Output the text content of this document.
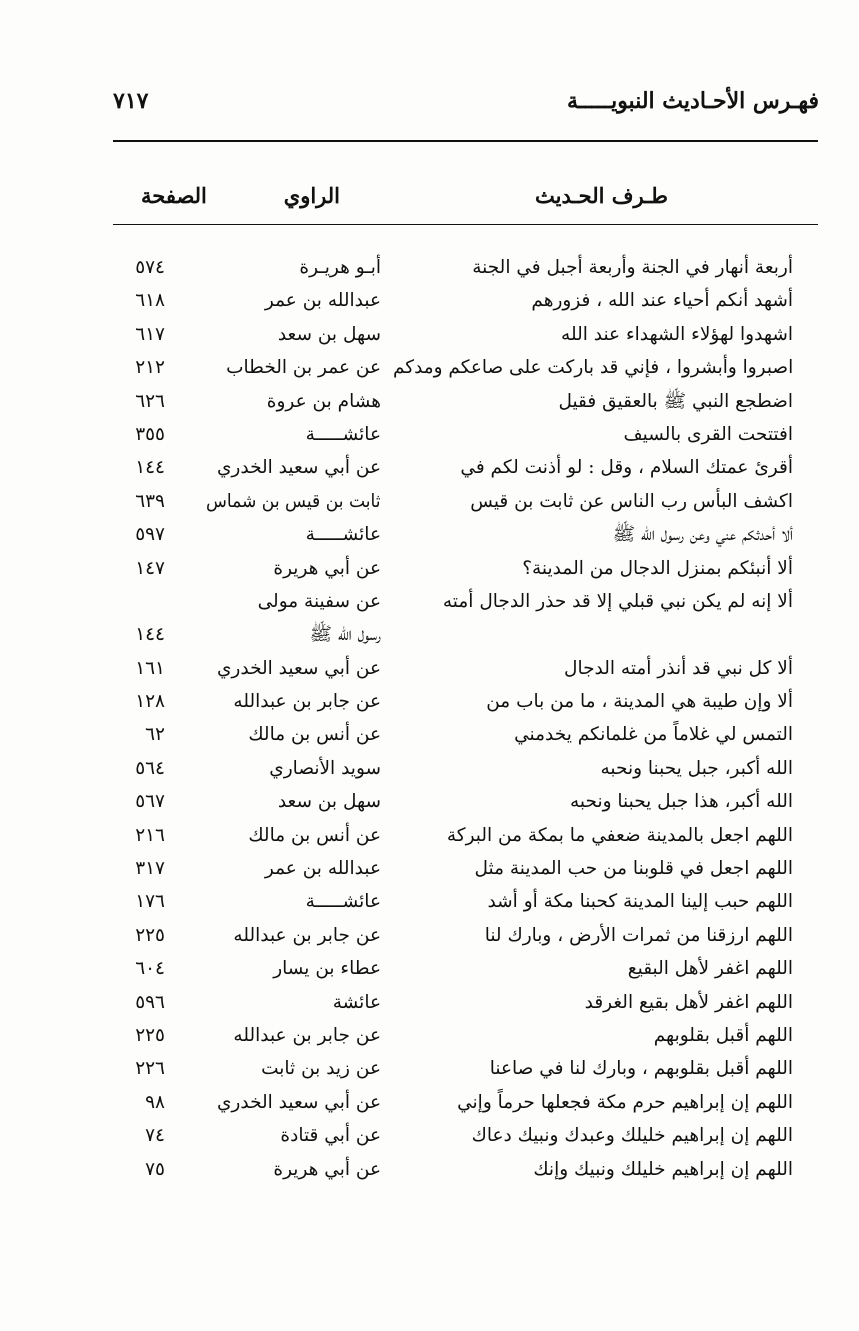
فهـرس الأحـاديث النبويـــــة
٧١٧
طـرف الحـديث
الراوي
الصفحة
أربعة أنهار في الجنة وأربعة أجبل في الجنة
أبـو هريـرة
٥٧٤
أشهد أنكم أحياء عند الله ، فزورهم
عبدالله بن عمر
٦١٨
اشهدوا لهؤلاء الشهداء عند الله
سهل بن سعد
٦١٧
اصبروا وأبشروا ، فإني قد باركت على صاعكم ومدكم
عن عمر بن الخطاب
٢١٢
اضطجع النبي ﷺ بالعقيق فقيل
هشام بن عروة
٦٢٦
افتتحت القرى بالسيف
عائشـــــة
٣٥٥
أقرئ عمتك السلام ، وقل : لو أذنت لكم في
عن أبي سعيد الخدري
١٤٤
اكشف البأس رب الناس عن ثابت بن قيس
ثابت بن قيس بن شماس
٦٣٩
ألا أحدثكم عني وعن رسول الله ﷺ
عائشـــــة
٥٩٧
ألا أنبئكم بمنزل الدجال من المدينة؟
عن أبي هريرة
١٤٧
ألا إنه لم يكن نبي قبلي إلا قد حذر الدجال أمته
عن سفينة مولى
رسول الله ﷺ
١٤٤
ألا كل نبي قد أنذر أمته الدجال
عن أبي سعيد الخدري
١٦١
ألا وإن طيبة هي المدينة ، ما من باب من
عن جابر بن عبدالله
١٢٨
التمس لي غلاماً من غلمانكم يخدمني
عن أنس بن مالك
٦٢
الله أكبر، جبل يحبنا ونحبه
سويد الأنصاري
٥٦٤
الله أكبر، هذا جبل يحبنا ونحبه
سهل بن سعد
٥٦٧
اللهم اجعل بالمدينة ضعفي ما بمكة من البركة
عن أنس بن مالك
٢١٦
اللهم اجعل في قلوبنا من حب المدينة مثل
عبدالله بن عمر
٣١٧
اللهم حبب إلينا المدينة كحبنا مكة أو أشد
عائشـــــة
١٧٦
اللهم ارزقنا من ثمرات الأرض ، وبارك لنا
عن جابر بن عبدالله
٢٢٥
اللهم اغفر لأهل البقيع
عطاء بن يسار
٦٠٤
اللهم اغفر لأهل بقيع الغرقد
عائشة
٥٩٦
اللهم أقبل بقلوبهم
عن جابر بن عبدالله
٢٢٥
اللهم أقبل بقلوبهم ، وبارك لنا في صاعنا
عن زيد بن ثابت
٢٢٦
اللهم إن إبراهيم حرم مكة فجعلها حرماً وإني
عن أبي سعيد الخدري
٩٨
اللهم إن إبراهيم خليلك وعبدك ونبيك دعاك
عن أبي قتادة
٧٤
اللهم إن إبراهيم خليلك ونبيك وإنك
عن أبي هريرة
٧٥
